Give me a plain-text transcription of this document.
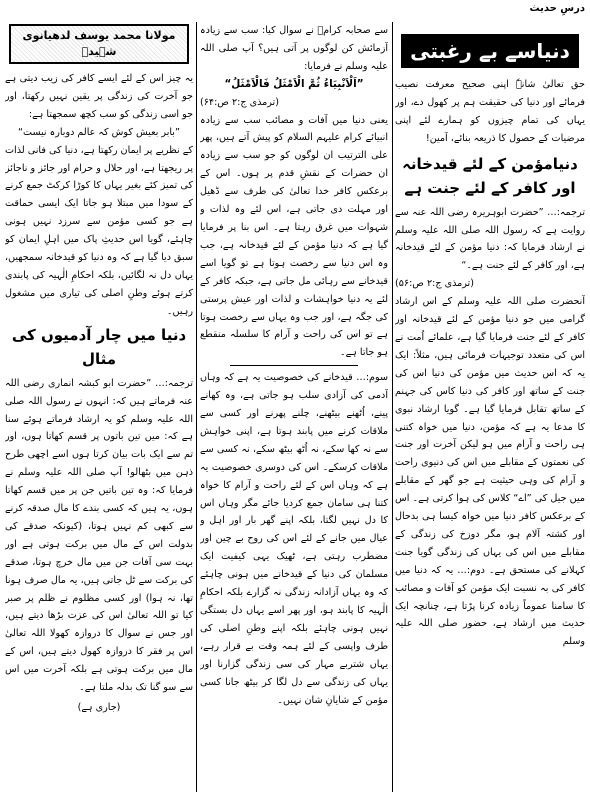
درسِ حدیث
دنیاسے بے رغبتی

حق تعالیٰ شانہٗ اپنی صحیح معرفت نصیب فرمائے اور دنیا کی حقیقت ہم پر کھول دے، اور یہاں کی تمام چیزوں کو ہمارے لئے اپنی مرضیات کے حصول کا ذریعہ بنائے، آمین!

دنیامؤمن کے لئے قیدخانہ اور کافر کے لئے جنت ہے

ترجمہ:… ”حضرت ابوہریرہ رضی اللہ عنہ سے روایت ہے کہ رسول اللہ صلی اللہ علیہ وسلم نے ارشاد فرمایا کہ: دنیا مؤمن کے لئے قیدخانہ ہے، اور کافر کے لئے جنت ہے۔“

(ترمذی ج:۲ ص:۵۶)

آنحضرت صلی اللہ علیہ وسلم کے اس ارشاد گرامی میں جو دنیا مؤمن کے لئے قیدخانہ اور کافر کے لئے جنت فرمایا گیا ہے، علمائے اُمت نے اس کی متعدد توجیہات فرمائی ہیں، مثلاً: ایک یہ کہ اس حدیث میں مؤمن کی دنیا اس کی جنت کے ساتھ اور کافر کی دنیا کاس کی جہنم کے ساتھ تقابل فرمایا گیا ہے۔ گویا ارشاد نبوی کا مدعا یہ ہے کہ مؤمن، دنیا میں خواہ کتنی ہی راحت و آرام میں ہو لیکن آخرت اور جنت کی نعمتوں کے مقابلے میں اس کی دنیوی راحت و آرام کی وہی حیثیت ہے جو گھر کے مقابلے میں جیل کی ”اے“ کلاس کی ہوا کرتی ہے۔ اس کے برعکس کافر دنیا میں خواہ کیسا ہی بدحال اور کشتہ آلام ہو، مگر دوزخ کی زندگی کے مقابلے میں اس کی یہاں کی زندگی گویا جنت کہلانے کی مستحق ہے۔ دوم:… یہ کہ دنیا میں کافر کی بہ نسبت ایک مؤمن کو آفات و مصائب کا سامنا عموماً زیادہ کرنا پڑتا ہے، چنانچہ ایک حدیث میں ارشاد ہے، حضور صلی اللہ علیہ وسلم

سے صحابہ کرامؓ نے سوال کیا: سب سے زیادہ آزمائش کن لوگوں پر آتی ہیں؟ آپ صلی اللہ علیہ وسلم نے فرمایا:

”اَلْاَنْبِیَاءُ ثُمَّ الْاَمْثَلُ فَالْاَمْثَلُ“

(ترمذی ج:۲ ص:۶۴)

یعنی دنیا میں آفات و مصائب سب سے زیادہ انبیائے کرام علیہم السلام کو پیش آتے ہیں، پھر علی الترتیب ان لوگوں کو جو سب سے زیادہ ان حضرات کے نقشِ قدم پر ہوں۔ اس کے برعکس کافر خدا تعالیٰ کی طرف سے ڈھیل اور مہلت دی جاتی ہے، اس لئے وہ لذات و شہوات میں غرق رہتا ہے۔ اس بنا پر فرمایا گیا ہے کہ دنیا مؤمن کے لئے قیدخانہ ہے، جب وہ اس دنیا سے رخصت ہوتا ہے تو گویا اسے قیدخانے سے رہائی مل جاتی ہے، جبکہ کافر کے لئے یہ دنیا خواہشات و لذات اور عیش پرستی کی جگہ ہے، اور جب وہ یہاں سے رخصت ہوتا ہے تو اس کی راحت و آرام کا سلسلہ منقطع ہو جاتا ہے۔

سوم:… قیدخانے کی خصوصیت یہ ہے کہ وہاں آدمی کی آزادی سلب ہو جاتی ہے، وہ کھانے پینے، اُٹھنے بیٹھنے، چلنے پھرنے اور کسی سے ملاقات کرنے میں پابند ہوتا ہے، اپنی خواہش سے نہ کھا سکے، نہ اُٹھ بیٹھ سکے، نہ کسی سے ملاقات کرسکے۔ اس کی دوسری خصوصیت یہ ہے کہ وہاں اس کے لئے راحت و آرام کا خواہ کتنا ہی سامان جمع کردیا جائے مگر وہاں اس کا دل نہیں لگتا، بلکہ اپنے گھر بار اور اہل و عیال میں جانے کے لئے اس کی روح بے چین اور مضطرب رہتی ہے، ٹھیک یہی کیفیت ایک مسلمان کی دنیا کے قیدخانے میں ہونی چاہئے کہ وہ یہاں آزادانہ زندگی نہ گزارے بلکہ احکامِ الٰہیہ کا پابند ہو، اور پھر اسے یہاں دل بستگی نہیں ہونی چاہئے بلکہ اپنے وطنِ اصلی کی طرف واپسی کے لئے ہمہ وقت بے قرار رہے، یہاں شتربے مہار کی سی زندگی گزارنا اور یہاں کی زندگی سے دل لگا کر بیٹھ جانا کسی مؤمن کے شایانِ شان نہیں۔

مولانا محمد یوسف لدھیانوی شہیدؒ

یہ چیز اس کے لئے ایسے کافر کی زیب دیتی ہے جو آخرت کی زندگی پر یقین نہیں رکھتا، اور جو اسی زندگی کو سب کچھ سمجھتا ہے:

”بابر بعیش کوش کہ عالم دوبارہ نیست“

کے نظریے پر ایمان رکھتا ہے، دنیا کی فانی لذات پر ریجھتا ہے، اور حلال و حرام اور جائز و ناجائز کی تمیز کئے بغیر یہاں کا کوڑا کرکٹ جمع کرنے کے سودا میں مبتلا ہو جاتا ایک ایسی حماقت ہے جو کسی مؤمن سے سرزد نہیں ہونی چاہئے، گویا اس حدیثِ پاک میں اہلِ ایمان کو سبق دیا گیا ہے کہ وہ دنیا کو قیدخانہ سمجھیں، یہاں دل نہ لگائیں، بلکہ احکامِ الٰہیہ کی پابندی کرتے ہوئے وطنِ اصلی کی تیاری میں مشغول رہیں۔

دنیا میں چار آدمیوں کی مثال

ترجمہ:… ”حضرت ابو کبشہ انماری رضی اللہ عنہ فرماتے ہیں کہ: انہوں نے رسول اللہ صلی اللہ علیہ وسلم کو یہ ارشاد فرماتے ہوئے سنا ہے کہ: میں تین باتوں پر قسم کھاتا ہوں، اور تم سے ایک بات بیان کرتا ہوں اسے اچھی طرح ذہن میں بٹھالو! آپ صلی اللہ علیہ وسلم نے فرمایا کہ: وہ تین باتیں جن پر میں قسم کھاتا ہوں، یہ ہیں کہ کسی بندے کا مال صدقہ کرنے سے کبھی کم نہیں ہوتا، (کیونکہ صدقے کی بدولت اس کے مال میں برکت ہوتی ہے اور بہت سی آفات جن میں مال خرچ ہوتا، صدقے کی برکت سے ٹل جاتی ہیں، یہ مال صرف ہونا تھا، نہ ہوا) اور کسی مظلوم نے ظلم پر صبر کیا تو اللہ تعالیٰ اس کی عزت بڑھا دیتے ہیں، اور جس نے سوال کا دروازہ کھولا اللہ تعالیٰ اس پر فقر کا دروازہ کھول دیتے ہیں، اس کے مال میں برکت ہوتی ہے بلکہ آخرت میں اس سے سو گنا تک بدلہ ملتا ہے۔

(جاری ہے)
